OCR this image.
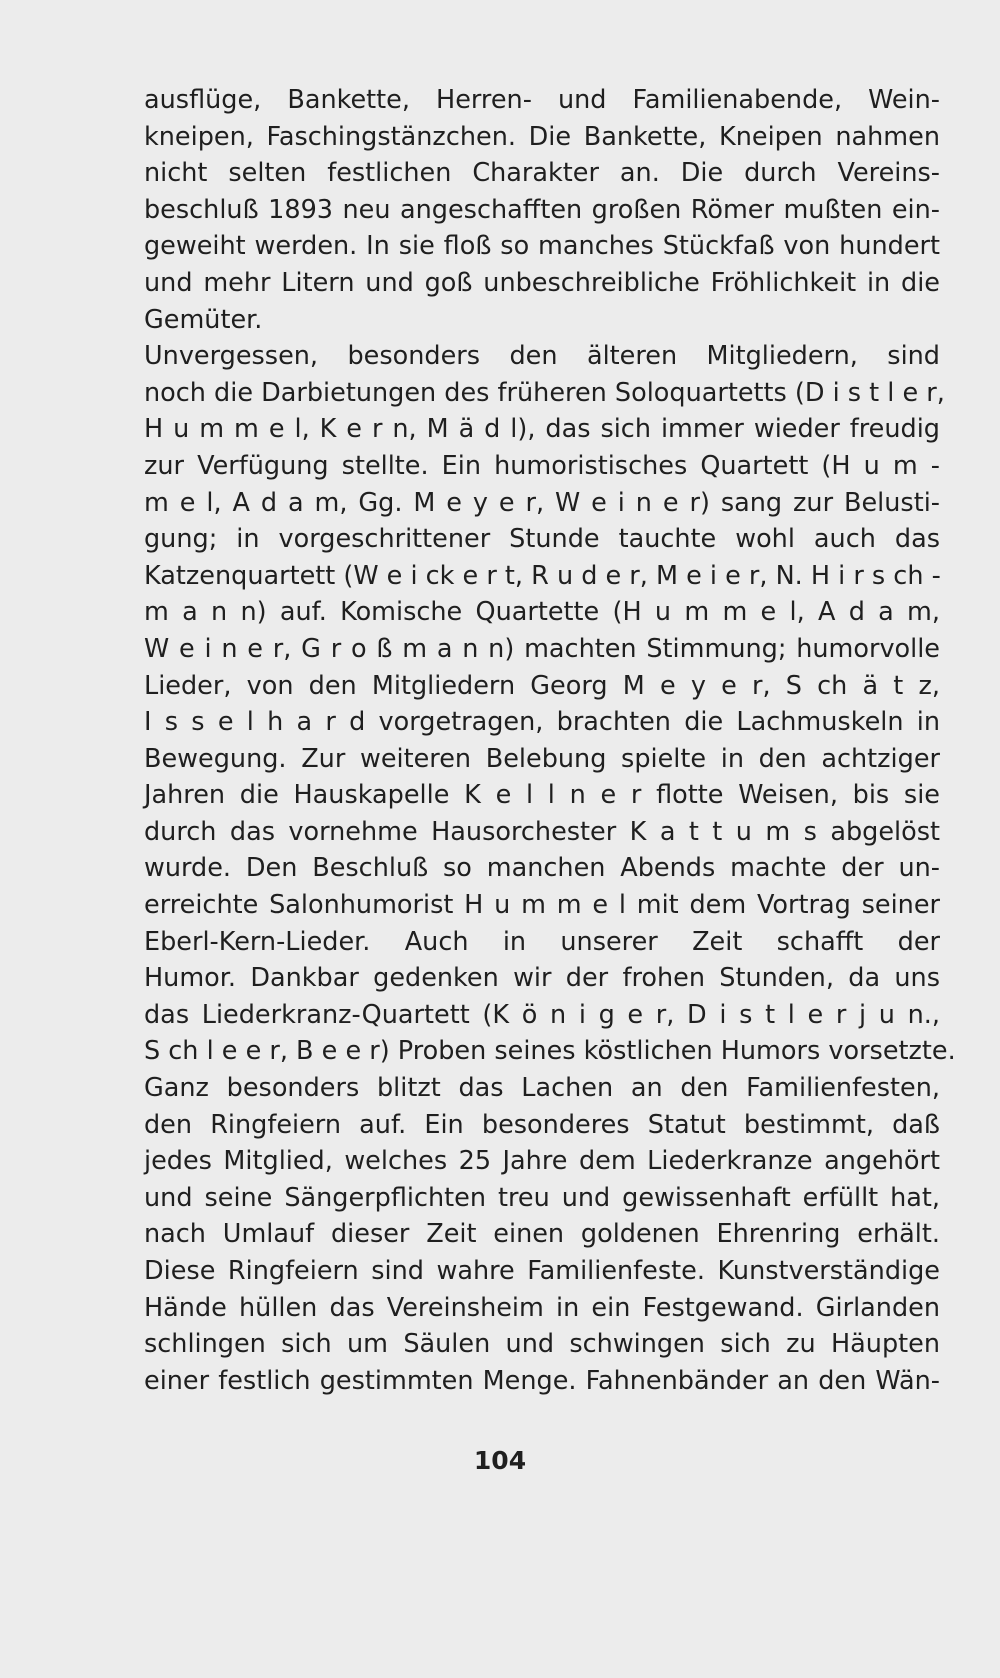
ausflüge, Bankette, Herren- und Familienabende, Wein-
kneipen, Faschingstänzchen. Die Bankette, Kneipen nahmen
nicht selten festlichen Charakter an. Die durch Vereins-
beschluß 1893 neu angeschafften großen Römer mußten ein-
geweiht werden. In sie floß so manches Stückfaß von hundert
und mehr Litern und goß unbeschreibliche Fröhlichkeit in die
Gemüter.
Unvergessen, besonders den älteren Mitgliedern, sind
noch die Darbietungen des früheren Soloquartetts (D i s t l e r,
H u m m e l, K e r n, M ä d l), das sich immer wieder freudig
zur Verfügung stellte. Ein humoristisches Quartett (H u m -
m e l, A d a m, Gg. M e y e r, W e i n e r) sang zur Belusti-
gung; in vorgeschrittener Stunde tauchte wohl auch das
Katzenquartett (W e i ck e r t, R u d e r, M e i e r, N. H i r s ch -
m a n n) auf. Komische Quartette (H u m m e l, A d a m,
W e i n e r, G r o ß m a n n) machten Stimmung; humorvolle
Lieder, von den Mitgliedern Georg M e y e r, S ch ä t z,
I s s e l h a r d vorgetragen, brachten die Lachmuskeln in
Bewegung. Zur weiteren Belebung spielte in den achtziger
Jahren die Hauskapelle K e l l n e r flotte Weisen, bis sie
durch das vornehme Hausorchester K a t t u m s abgelöst
wurde. Den Beschluß so manchen Abends machte der un-
erreichte Salonhumorist H u m m e l mit dem Vortrag seiner
Eberl-Kern-Lieder. Auch in unserer Zeit schafft der
Humor. Dankbar gedenken wir der frohen Stunden, da uns
das Liederkranz-Quartett (K ö n i g e r, D i s t l e r j u n.,
S ch l e e r, B e e r) Proben seines köstlichen Humors vorsetzte.
Ganz besonders blitzt das Lachen an den Familienfesten,
den Ringfeiern auf. Ein besonderes Statut bestimmt, daß
jedes Mitglied, welches 25 Jahre dem Liederkranze angehört
und seine Sängerpflichten treu und gewissenhaft erfüllt hat,
nach Umlauf dieser Zeit einen goldenen Ehrenring erhält.
Diese Ringfeiern sind wahre Familienfeste. Kunstverständige
Hände hüllen das Vereinsheim in ein Festgewand. Girlanden
schlingen sich um Säulen und schwingen sich zu Häupten
einer festlich gestimmten Menge. Fahnenbänder an den Wän-
104
